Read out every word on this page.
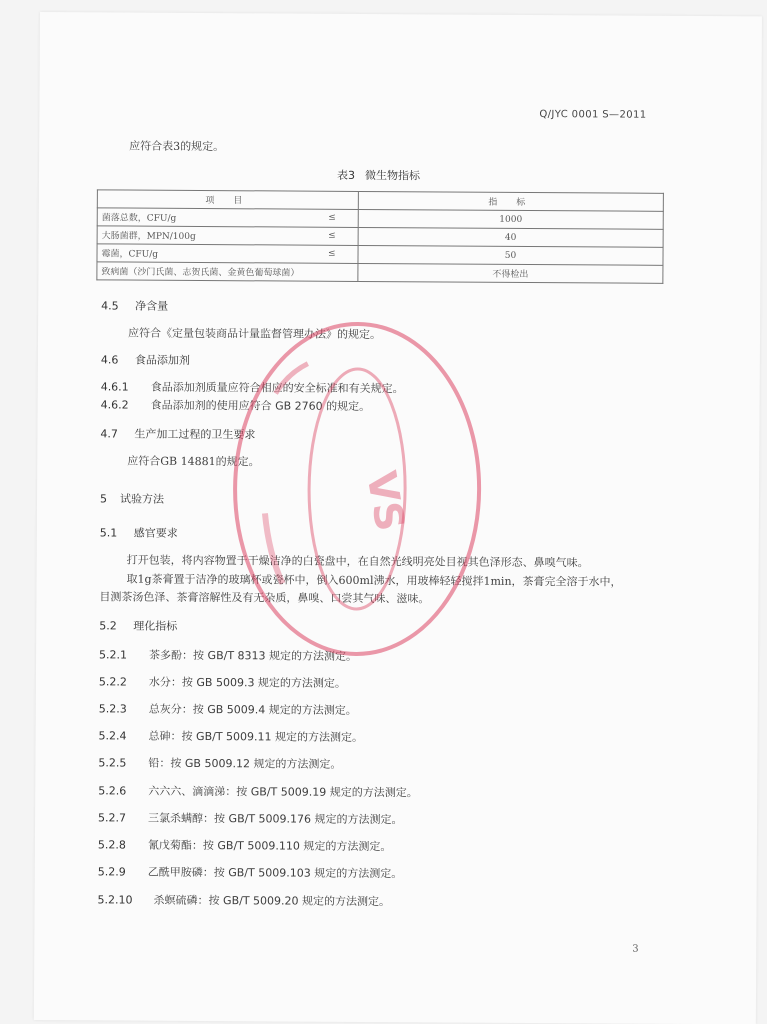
Q/JYC 0001 S—2011
应符合表3的规定。
表3 微生物指标
项 目	指 标
菌落总数，CFU/g ≤	1000
大肠菌群，MPN/100g ≤	40
霉菌，CFU/g ≤	50
致病菌（沙门氏菌、志贺氏菌、金黄色葡萄球菌）	不得检出
4.5 净含量
应符合《定量包装商品计量监督管理办法》的规定。
4.6 食品添加剂
4.6.1 食品添加剂质量应符合相应的安全标准和有关规定。
4.6.2 食品添加剂的使用应符合 GB 2760 的规定。
4.7 生产加工过程的卫生要求
应符合GB 14881的规定。
5 试验方法
5.1 感官要求
打开包装，将内容物置于干燥洁净的白瓷盘中，在自然光线明亮处目视其色泽形态、鼻嗅气味。
取1g茶膏置于洁净的玻璃杯或瓷杯中，倒入600ml沸水，用玻棒轻轻搅拌1min，茶膏完全溶于水中，
目测茶汤色泽、茶膏溶解性及有无杂质，鼻嗅、口尝其气味、滋味。
5.2 理化指标
5.2.1 茶多酚：按 GB/T 8313 规定的方法测定。
5.2.2 水分：按 GB 5009.3 规定的方法测定。
5.2.3 总灰分：按 GB 5009.4 规定的方法测定。
5.2.4 总砷：按 GB/T 5009.11 规定的方法测定。
5.2.5 铅：按 GB 5009.12 规定的方法测定。
5.2.6 六六六、滴滴涕：按 GB/T 5009.19 规定的方法测定。
5.2.7 三氯杀螨醇：按 GB/T 5009.176 规定的方法测定。
5.2.8 氰戊菊酯：按 GB/T 5009.110 规定的方法测定。
5.2.9 乙酰甲胺磷：按 GB/T 5009.103 规定的方法测定。
5.2.10 杀螟硫磷：按 GB/T 5009.20 规定的方法测定。
3
VS
